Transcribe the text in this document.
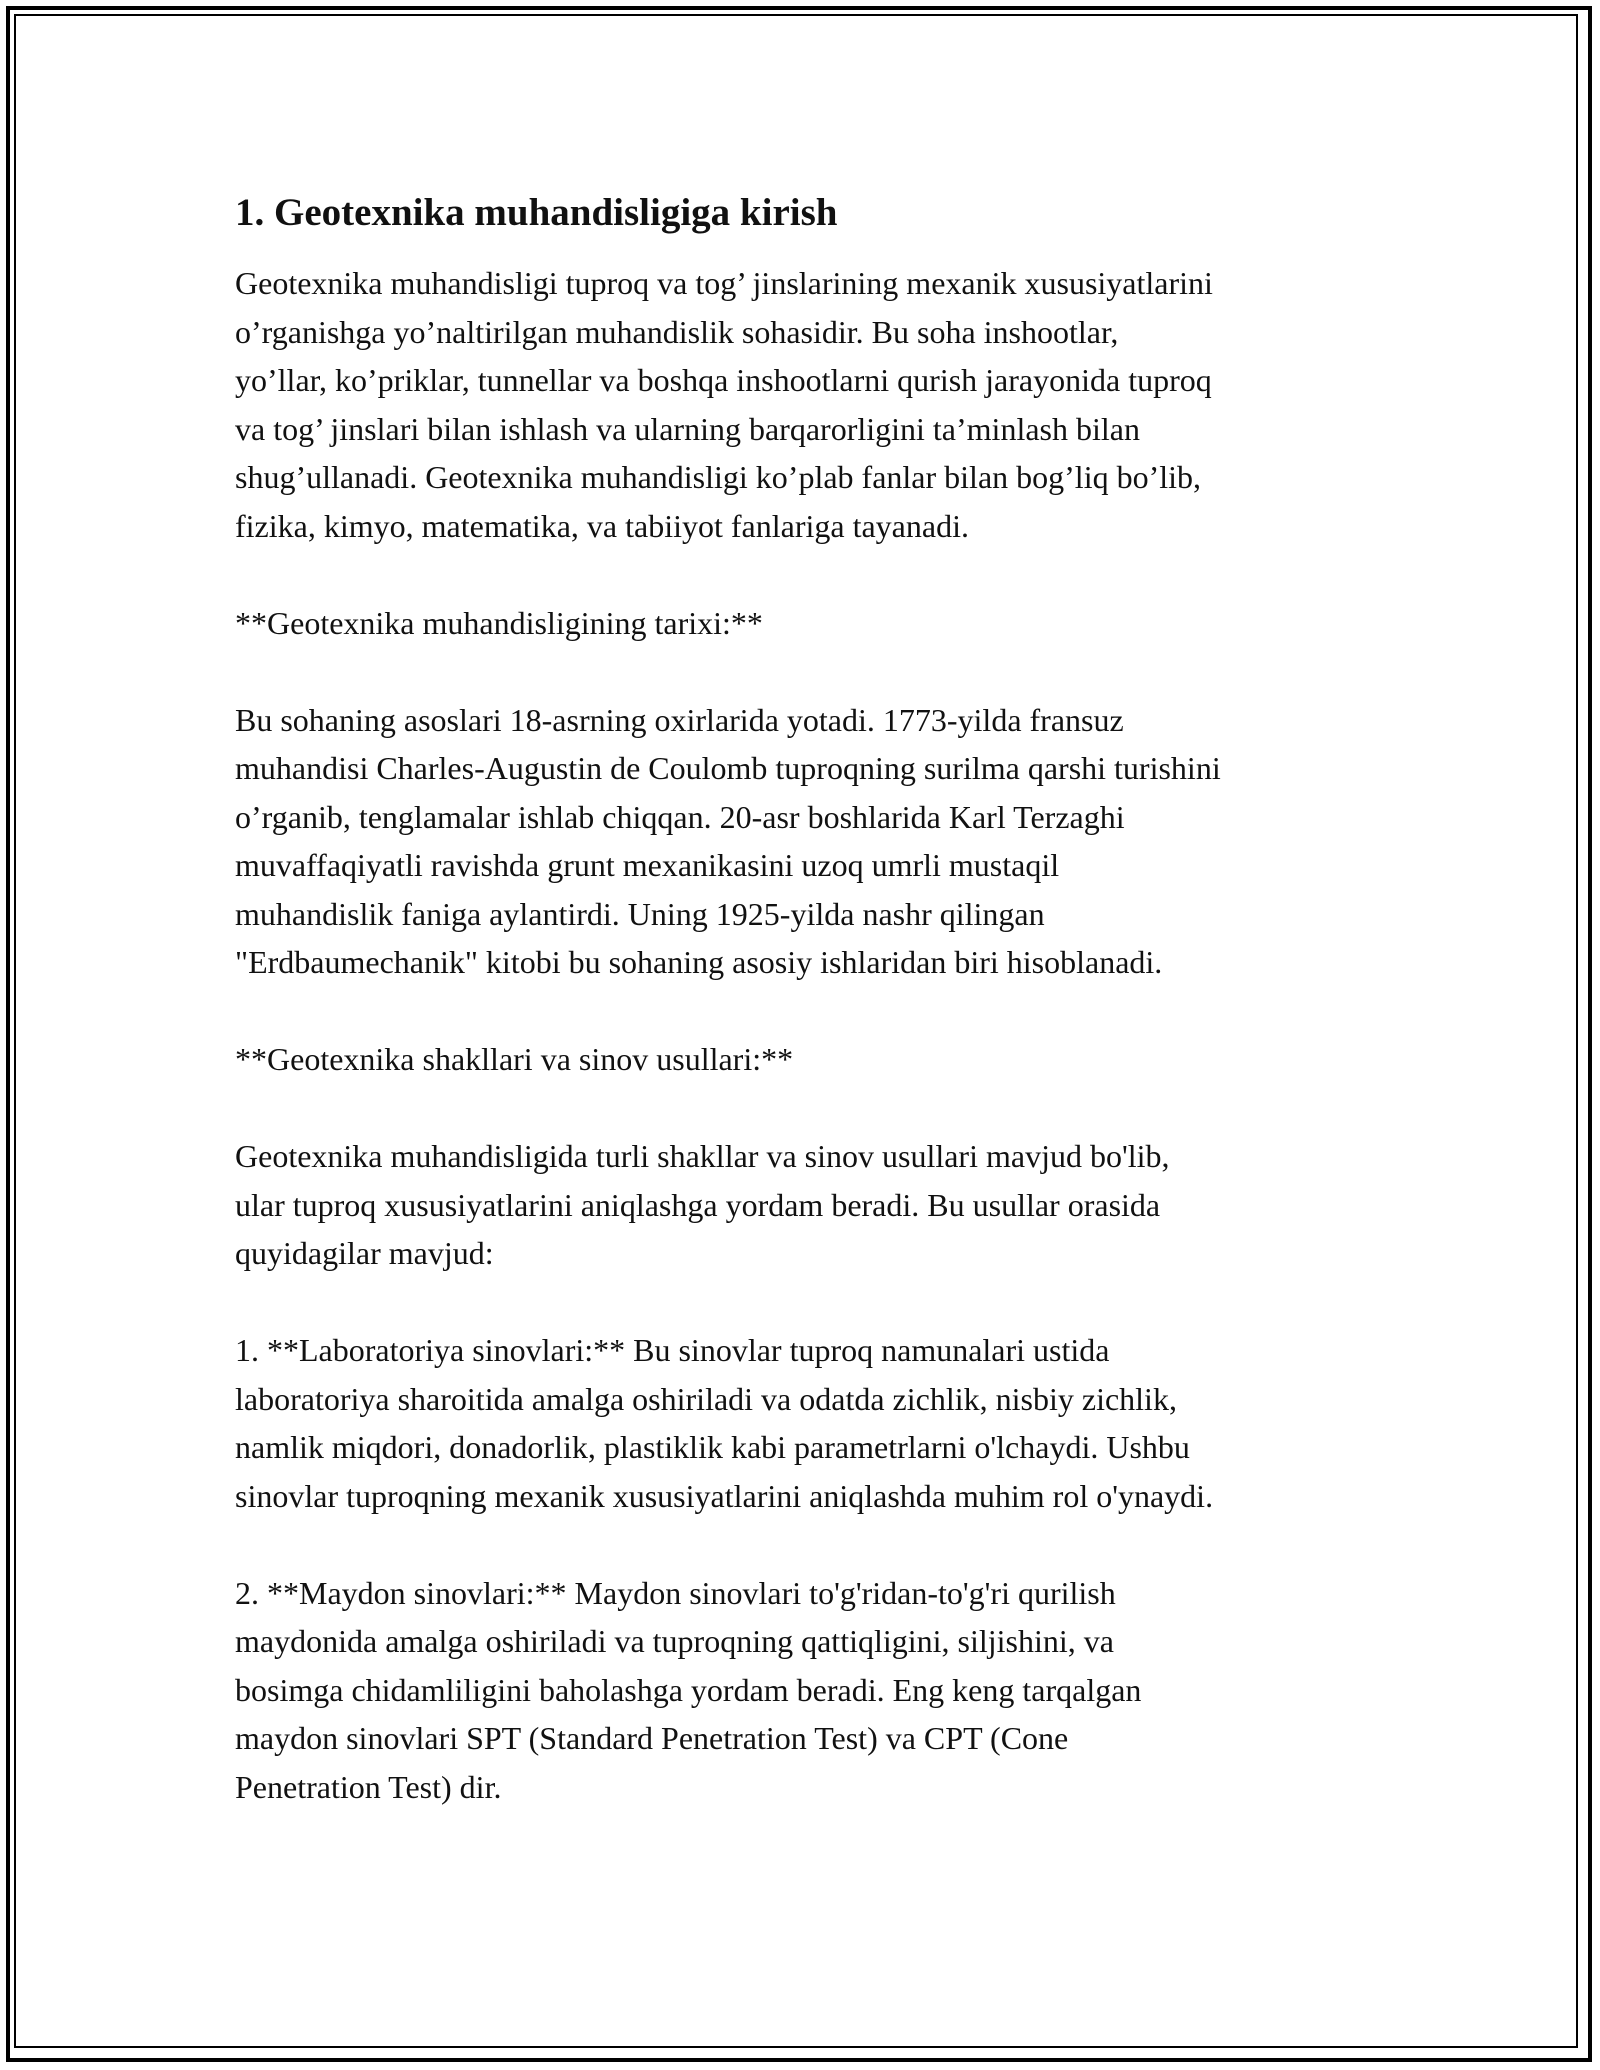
1. Geotexnika muhandisligiga kirish

Geotexnika muhandisligi tuproq va tog’ jinslarining mexanik xususiyatlarini
o’rganishga yo’naltirilgan muhandislik sohasidir. Bu soha inshootlar,
yo’llar, ko’priklar, tunnellar va boshqa inshootlarni qurish jarayonida tuproq
va tog’ jinslari bilan ishlash va ularning barqarorligini ta’minlash bilan
shug’ullanadi. Geotexnika muhandisligi ko’plab fanlar bilan bog’liq bo’lib,
fizika, kimyo, matematika, va tabiiyot fanlariga tayanadi.

**Geotexnika muhandisligining tarixi:**

Bu sohaning asoslari 18-asrning oxirlarida yotadi. 1773-yilda fransuz
muhandisi Charles-Augustin de Coulomb tuproqning surilma qarshi turishini
o’rganib, tenglamalar ishlab chiqqan. 20-asr boshlarida Karl Terzaghi
muvaffaqiyatli ravishda grunt mexanikasini uzoq umrli mustaqil
muhandislik faniga aylantirdi. Uning 1925-yilda nashr qilingan
"Erdbaumechanik" kitobi bu sohaning asosiy ishlaridan biri hisoblanadi.

**Geotexnika shakllari va sinov usullari:**

Geotexnika muhandisligida turli shakllar va sinov usullari mavjud bo'lib,
ular tuproq xususiyatlarini aniqlashga yordam beradi. Bu usullar orasida
quyidagilar mavjud:

1. **Laboratoriya sinovlari:** Bu sinovlar tuproq namunalari ustida
laboratoriya sharoitida amalga oshiriladi va odatda zichlik, nisbiy zichlik,
namlik miqdori, donadorlik, plastiklik kabi parametrlarni o'lchaydi. Ushbu
sinovlar tuproqning mexanik xususiyatlarini aniqlashda muhim rol o'ynaydi.

2. **Maydon sinovlari:** Maydon sinovlari to'g'ridan-to'g'ri qurilish
maydonida amalga oshiriladi va tuproqning qattiqligini, siljishini, va
bosimga chidamliligini baholashga yordam beradi. Eng keng tarqalgan
maydon sinovlari SPT (Standard Penetration Test) va CPT (Cone
Penetration Test) dir.
